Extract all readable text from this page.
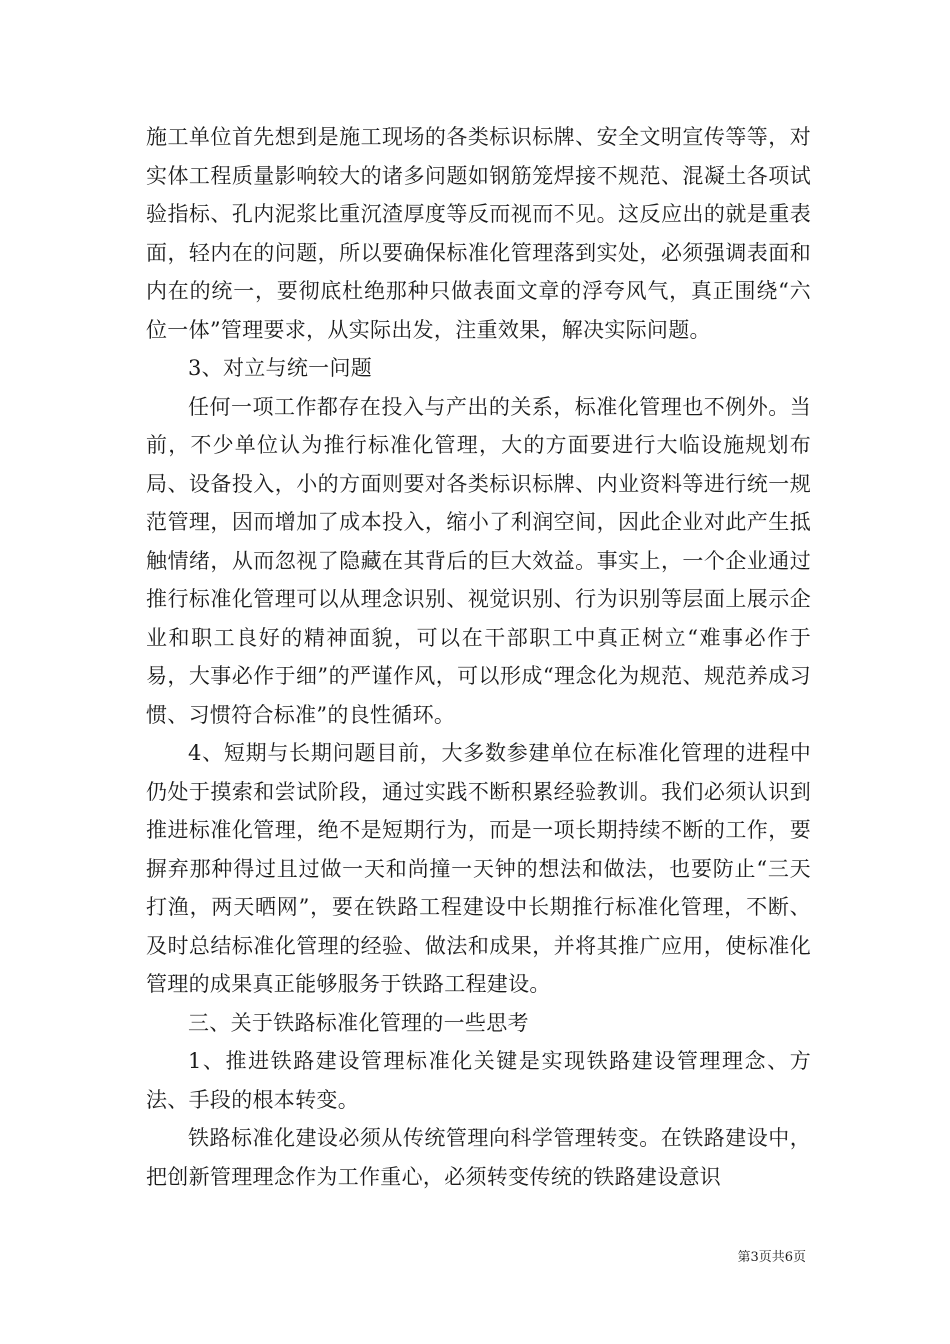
施工单位首先想到是施工现场的各类标识标牌、安全文明宣传等等，对实体工程质量影响较大的诸多问题如钢筋笼焊接不规范、混凝土各项试验指标、孔内泥浆比重沉渣厚度等反而视而不见。这反应出的就是重表面，轻内在的问题，所以要确保标准化管理落到实处，必须强调表面和内在的统一，要彻底杜绝那种只做表面文章的浮夸风气，真正围绕“六位一体”管理要求，从实际出发，注重效果，解决实际问题。

3、对立与统一问题

任何一项工作都存在投入与产出的关系，标准化管理也不例外。当前，不少单位认为推行标准化管理，大的方面要进行大临设施规划布局、设备投入，小的方面则要对各类标识标牌、内业资料等进行统一规范管理，因而增加了成本投入，缩小了利润空间，因此企业对此产生抵触情绪，从而忽视了隐藏在其背后的巨大效益。事实上，一个企业通过推行标准化管理可以从理念识别、视觉识别、行为识别等层面上展示企业和职工良好的精神面貌，可以在干部职工中真正树立“难事必作于易，大事必作于细”的严谨作风，可以形成“理念化为规范、规范养成习惯、习惯符合标准”的良性循环。

4、短期与长期问题目前，大多数参建单位在标准化管理的进程中仍处于摸索和尝试阶段，通过实践不断积累经验教训。我们必须认识到推进标准化管理，绝不是短期行为，而是一项长期持续不断的工作，要摒弃那种得过且过做一天和尚撞一天钟的想法和做法，也要防止“三天打渔，两天晒网”，要在铁路工程建设中长期推行标准化管理，不断、及时总结标准化管理的经验、做法和成果，并将其推广应用，使标准化管理的成果真正能够服务于铁路工程建设。

三、关于铁路标准化管理的一些思考

1、推进铁路建设管理标准化关键是实现铁路建设管理理念、方法、手段的根本转变。

铁路标准化建设必须从传统管理向科学管理转变。在铁路建设中，把创新管理理念作为工作重心，必须转变传统的铁路建设意识

第3页共6页
